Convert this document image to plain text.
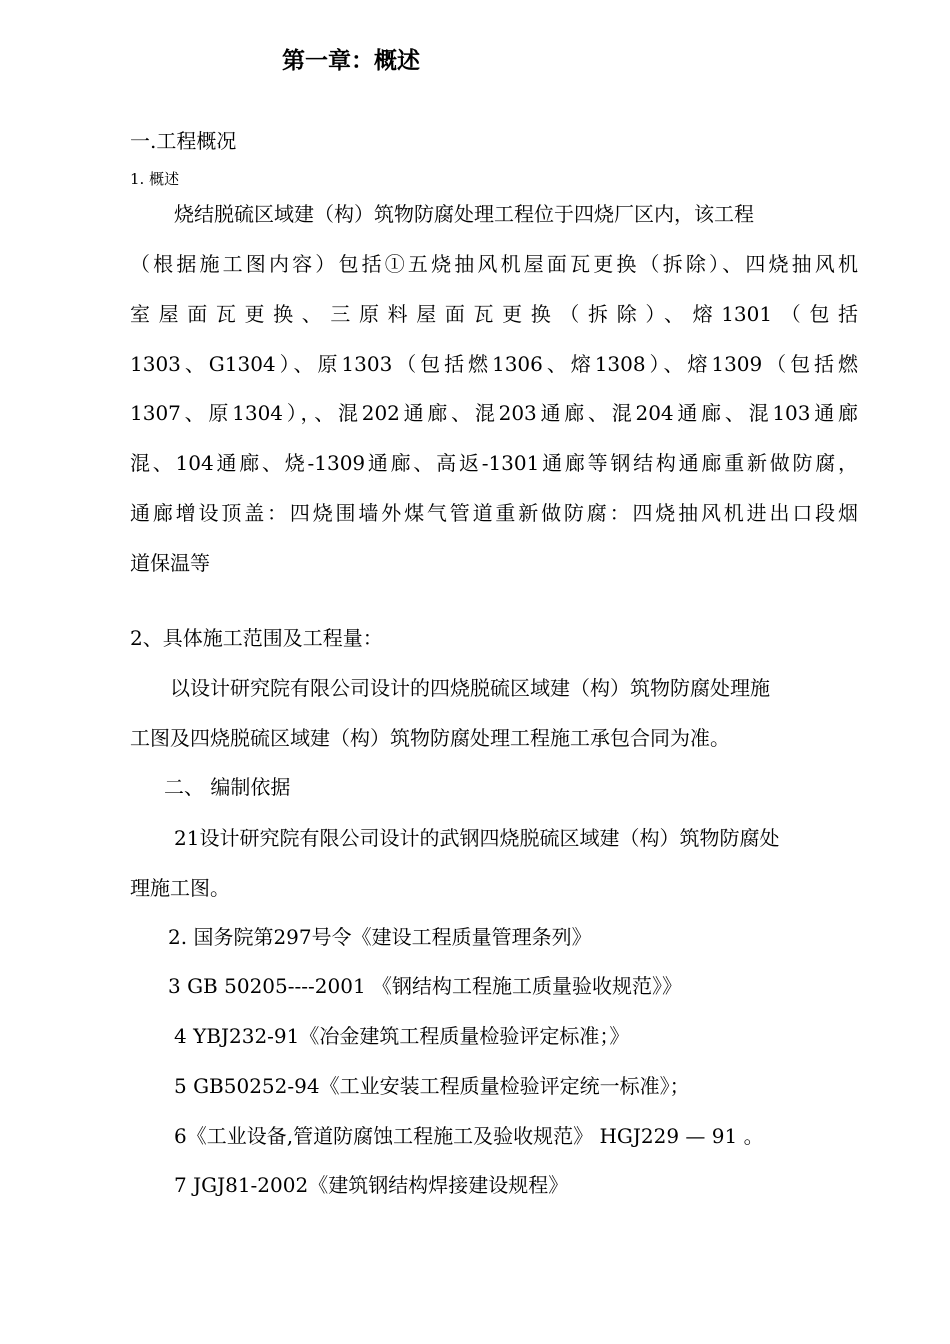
第一章：概述

一.工程概况

1. 概述

烧结脱硫区域建（构）筑物防腐处理工程位于四烧厂区内，该工程

（根据施工图内容）包括①五烧抽风机屋面瓦更换（拆除）、四烧抽风机

室屋面瓦更换、三原料屋面瓦更换（拆除）、熔1301（包括

1303、G1304）、原1303（包括燃1306、熔1308）、熔1309（包括燃

1307、原1304），、混202通廊、混203通廊、混204通廊、混103通廊

混、104通廊、烧-1309通廊、高返-1301通廊等钢结构通廊重新做防腐，

通廊增设顶盖：四烧围墙外煤气管道重新做防腐：四烧抽风机进出口段烟

道保温等

2、具体施工范围及工程量：

以设计研究院有限公司设计的四烧脱硫区域建（构）筑物防腐处理施

工图及四烧脱硫区域建（构）筑物防腐处理工程施工承包合同为准。

二、 编制依据

21设计研究院有限公司设计的武钢四烧脱硫区域建（构）筑物防腐处

理施工图。

2. 国务院第297号令《建设工程质量管理条列》

3 GB 50205----2001 《钢结构工程施工质量验收规范》》

4 YBJ232-91《冶金建筑工程质量检验评定标准；》

5 GB50252-94《工业安装工程质量检验评定统一标准》；

6《工业设备,管道防腐蚀工程施工及验收规范》 HGJ229 — 91 。

7 JGJ81-2002《建筑钢结构焊接建设规程》
